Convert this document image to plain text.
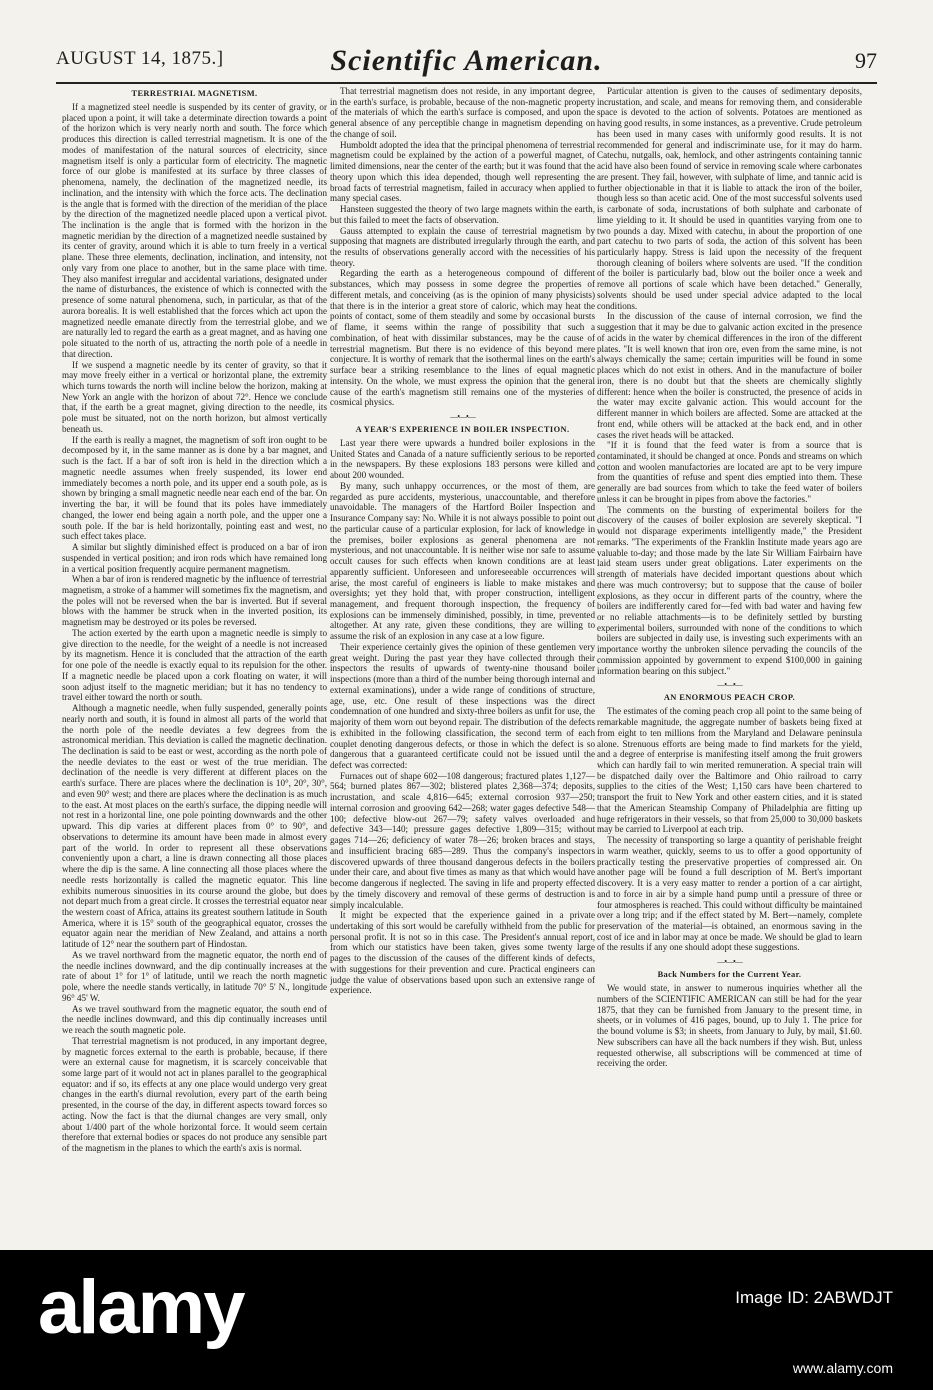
AUGUST 14, 1875.]	Scientific American.	97
TERRESTRIAL MAGNETISM.

If a magnetized steel needle is suspended by its center of gravity, or placed upon a point, it will take a determinate direction towards a point of the horizon which is very nearly north and south. The force which produces this direction is called terrestrial magnetism. It is one of the modes of manifestation of the natural sources of electricity, since magnetism itself is only a particular form of electricity. The magnetic force of our globe is manifested at its surface by three classes of phenomena, namely, the declination of the magnetized needle, its inclination, and the intensity with which the force acts. The declination is the angle that is formed with the direction of the meridian of the place by the direction of the magnetized needle placed upon a vertical pivot. The inclination is the angle that is formed with the horizon in the magnetic meridian by the direction of a magnetized needle sustained by its center of gravity, around which it is able to turn freely in a vertical plane. These three elements, declination, inclination, and intensity, not only vary from one place to another, but in the same place with time. They also manifest irregular and accidental variations, designated under the name of disturbances, the existence of which is connected with the presence of some natural phenomena, such, in particular, as that of the aurora borealis. It is well established that the forces which act upon the magnetized needle emanate directly from the terrestrial globe, and we are naturally led to regard the earth as a great magnet, and as having one pole situated to the north of us, attracting the north pole of a needle in that direction.

If we suspend a magnetic needle by its center of gravity, so that it may move freely either in a vertical or horizontal plane, the extremity which turns towards the north will incline below the horizon, making at New York an angle with the horizon of about 72°. Hence we conclude that, if the earth be a great magnet, giving direction to the needle, its pole must be situated, not on the north horizon, but almost vertically beneath us.

If the earth is really a magnet, the magnetism of soft iron ought to be decomposed by it, in the same manner as is done by a bar magnet, and such is the fact. If a bar of soft iron is held in the direction which a magnetic needle assumes when freely suspended, its lower end immediately becomes a north pole, and its upper end a south pole, as is shown by bringing a small magnetic needle near each end of the bar. On inverting the bar, it will be found that its poles have immediately changed, the lower end being again a north pole, and the upper one a south pole. If the bar is held horizontally, pointing east and west, no such effect takes place.

A similar but slightly diminished effect is produced on a bar of iron suspended in vertical position; and iron rods which have remained long in a vertical position frequently acquire permanent magnetism.

When a bar of iron is rendered magnetic by the influence of terrestrial magnetism, a stroke of a hammer will sometimes fix the magnetism, and the poles will not be reversed when the bar is inverted. But if several blows with the hammer be struck when in the inverted position, its magnetism may be destroyed or its poles be reversed.

The action exerted by the earth upon a magnetic needle is simply to give direction to the needle, for the weight of a needle is not increased by its magnetism. Hence it is concluded that the attraction of the earth for one pole of the needle is exactly equal to its repulsion for the other. If a magnetic needle be placed upon a cork floating on water, it will soon adjust itself to the magnetic meridian; but it has no tendency to travel either toward the north or south.

Although a magnetic needle, when fully suspended, generally points nearly north and south, it is found in almost all parts of the world that the north pole of the needle deviates a few degrees from the astronomical meridian. This deviation is called the magnetic declination. The declination is said to be east or west, according as the north pole of the needle deviates to the east or west of the true meridian. The declination of the needle is very different at different places on the earth's surface. There are places where the declination is 10°, 20°, 30°, and even 90° west; and there are places where the declination is as much to the east. At most places on the earth's surface, the dipping needle will not rest in a horizontal line, one pole pointing downwards and the other upward. This dip varies at different places from 0° to 90°, and observations to determine its amount have been made in almost every part of the world. In order to represent all these observations conveniently upon a chart, a line is drawn connecting all those places where the dip is the same. A line connecting all those places where the needle rests horizontally is called the magnetic equator. This line exhibits numerous sinuosities in its course around the globe, but does not depart much from a great circle. It crosses the terrestrial equator near the western coast of Africa, attains its greatest southern latitude in South America, where it is 15° south of the geographical equator, crosses the equator again near the meridian of New Zealand, and attains a north latitude of 12° near the southern part of Hindostan.

As we travel northward from the magnetic equator, the north end of the needle inclines downward, and the dip continually increases at the rate of about 1° for 1° of latitude, until we reach the north magnetic pole, where the needle stands vertically, in latitude 70° 5' N., longitude 96° 45' W.

As we travel southward from the magnetic equator, the south end of the needle inclines downward, and this dip continually increases until we reach the south magnetic pole.

That terrestrial magnetism is not produced, in any important degree, by magnetic forces external to the earth is probable, because, if there were an external cause for magnetism, it is scarcely conceivable that some large part of it would not act in planes parallel to the geographical equator: and if so, its effects at any one place would undergo very great changes in the earth's diurnal revolution, every part of the earth being presented, in the course of the day, in different aspects toward forces so acting. Now the fact is that the diurnal changes are very small, only about 1/400 part of the whole horizontal force. It would seem certain therefore that external bodies or spaces do not produce any sensible part of the magnetism in the planes to which the earth's axis is normal.

That terrestrial magnetism does not reside, in any important degree, in the earth's surface, is probable, because of the non-magnetic property of the materials of which the earth's surface is composed, and upon the general absence of any perceptible change in magnetism depending on the change of soil.

Humboldt adopted the idea that the principal phenomena of terrestrial magnetism could be explained by the action of a powerful magnet, of limited dimensions, near the center of the earth; but it was found that the theory upon which this idea depended, though well representing the broad facts of terrestrial magnetism, failed in accuracy when applied to many special cases.

Hansteen suggested the theory of two large magnets within the earth, but this failed to meet the facts of observation.

Gauss attempted to explain the cause of terrestrial magnetism by supposing that magnets are distributed irregularly through the earth, and the results of observations generally accord with the necessities of his theory.

Regarding the earth as a heterogeneous compound of different substances, which may possess in some degree the properties of different metals, and conceiving (as is the opinion of many physicists) that there is in the interior a great store of caloric, which may heat the points of contact, some of them steadily and some by occasional bursts of flame, it seems within the range of possibility that such a combination, of heat with dissimilar substances, may be the cause of terrestrial magnetism. But there is no evidence of this beyond mere conjecture. It is worthy of remark that the isothermal lines on the earth's surface bear a striking resemblance to the lines of equal magnetic intensity. On the whole, we must express the opinion that the general cause of the earth's magnetism still remains one of the mysteries of cosmical physics.

—•—•—
A YEAR'S EXPERIENCE IN BOILER INSPECTION.

Last year there were upwards a hundred boiler explosions in the United States and Canada of a nature sufficiently serious to be reported in the newspapers. By these explosions 183 persons were killed and about 200 wounded.

By many, such unhappy occurrences, or the most of them, are regarded as pure accidents, mysterious, unaccountable, and therefore unavoidable. The managers of the Hartford Boiler Inspection and Insurance Company say: No. While it is not always possible to point out the particular cause of a particular explosion, for lack of knowledge in the premises, boiler explosions as general phenomena are not mysterious, and not unaccountable. It is neither wise nor safe to assume occult causes for such effects when known conditions are at least apparently sufficient. Unforeseen and unforeseeable occurrences will arise, the most careful of engineers is liable to make mistakes and oversights; yet they hold that, with proper construction, intelligent management, and frequent thorough inspection, the frequency of explosions can be immensely diminished, possibly, in time, prevented altogether. At any rate, given these conditions, they are willing to assume the risk of an explosion in any case at a low figure.

Their experience certainly gives the opinion of these gentlemen very great weight. During the past year they have collected through their inspectors the results of upwards of twenty-nine thousand boiler inspections (more than a third of the number being thorough internal and external examinations), under a wide range of conditions of structure, age, use, etc. One result of these inspections was the direct condemnation of one hundred and sixty-three boilers as unfit for use, the majority of them worn out beyond repair. The distribution of the defects is exhibited in the following classification, the second term of each couplet denoting dangerous defects, or those in which the defect is so dangerous that a guaranteed certificate could not be issued until the defect was corrected:

Furnaces out of shape 602—108 dangerous; fractured plates 1,127—564; burned plates 867—302; blistered plates 2,368—374; deposits, incrustation, and scale 4,816—645; external corrosion 937—250; internal corrosion and grooving 642—268; water gages defective 548—100; defective blow-out 267—79; safety valves overloaded and defective 343—140; pressure gages defective 1,809—315; without gages 714—26; deficiency of water 78—26; broken braces and stays, and insufficient bracing 685—289. Thus the company's inspectors discovered upwards of three thousand dangerous defects in the boilers under their care, and about five times as many as that which would have become dangerous if neglected. The saving in life and property effected by the timely discovery and removal of these germs of destruction is simply incalculable.

It might be expected that the experience gained in a private undertaking of this sort would be carefully withheld from the public for personal profit. It is not so in this case. The President's annual report, from which our statistics have been taken, gives some twenty large pages to the discussion of the causes of the different kinds of defects, with suggestions for their prevention and cure. Practical engineers can judge the value of observations based upon such an extensive range of experience.

Particular attention is given to the causes of sedimentary deposits, incrustation, and scale, and means for removing them, and considerable space is devoted to the action of solvents. Potatoes are mentioned as having good results, in some instances, as a preventive. Crude petroleum has been used in many cases with uniformly good results. It is not recommended for general and indiscriminate use, for it may do harm. Catechu, nutgalls, oak, hemlock, and other astringents containing tannic acid have also been found of service in removing scale where carbonates are present. They fail, however, with sulphate of lime, and tannic acid is further objectionable in that it is liable to attack the iron of the boiler, though less so than acetic acid. One of the most successful solvents used is carbonate of soda, incrustations of both sulphate and carbonate of lime yielding to it. It should be used in quantities varying from one to two pounds a day. Mixed with catechu, in about the proportion of one part catechu to two parts of soda, the action of this solvent has been particularly happy. Stress is laid upon the necessity of the frequent thorough cleaning of boilers where solvents are used. "If the condition of the boiler is particularly bad, blow out the boiler once a week and remove all portions of scale which have been detached." Generally, solvents should be used under special advice adapted to the local conditions.

In the discussion of the cause of internal corrosion, we find the suggestion that it may be due to galvanic action excited in the presence of acids in the water by chemical differences in the iron of the different plates. "It is well known that iron ore, even from the same mine, is not always chemically the same; certain impurities will be found in some places which do not exist in others. And in the manufacture of boiler iron, there is no doubt but that the sheets are chemically slightly different: hence when the boiler is constructed, the presence of acids in the water may excite galvanic action. This would account for the different manner in which boilers are affected. Some are attacked at the front end, while others will be attacked at the back end, and in other cases the rivet heads will be attacked.

"If it is found that the feed water is from a source that is contaminated, it should be changed at once. Ponds and streams on which cotton and woolen manufactories are located are apt to be very impure from the quantities of refuse and spent dies emptied into them. These generally are bad sources from which to take the feed water of boilers unless it can be brought in pipes from above the factories."

The comments on the bursting of experimental boilers for the discovery of the causes of boiler explosion are severely skeptical. "I would not disparage experiments intelligently made," the President remarks. "The experiments of the Franklin Institute made years ago are valuable to-day; and those made by the late Sir William Fairbairn have laid steam users under great obligations. Later experiments on the strength of materials have decided important questions about which there was much controversy; but to suppose that the cause of boiler explosions, as they occur in different parts of the country, where the boilers are indifferently cared for—fed with bad water and having few or no reliable attachments—is to be definitely settled by bursting experimental boilers, surrounded with none of the conditions to which boilers are subjected in daily use, is investing such experiments with an importance worthy the unbroken silence pervading the councils of the commission appointed by government to expend $100,000 in gaining information bearing on this subject."

—•—•—
AN ENORMOUS PEACH CROP.

The estimates of the coming peach crop all point to the same being of remarkable magnitude, the aggregate number of baskets being fixed at from eight to ten millions from the Maryland and Delaware peninsula alone. Strenuous efforts are being made to find markets for the yield, and a degree of enterprise is manifesting itself among the fruit growers which can hardly fail to win merited remuneration. A special train will be dispatched daily over the Baltimore and Ohio railroad to carry supplies to the cities of the West; 1,150 cars have been chartered to transport the fruit to New York and other eastern cities, and it is stated that the American Steamship Company of Philadelphia are fitting up huge refrigerators in their vessels, so that from 25,000 to 30,000 baskets may be carried to Liverpool at each trip.

The necessity of transporting so large a quantity of perishable freight in warm weather, quickly, seems to us to offer a good opportunity of practically testing the preservative properties of compressed air. On another page will be found a full description of M. Bert's important discovery. It is a very easy matter to render a portion of a car airtight, and to force in air by a simple hand pump until a pressure of three or four atmospheres is reached. This could without difficulty be maintained over a long trip; and if the effect stated by M. Bert—namely, complete preservation of the material—is obtained, an enormous saving in the cost of ice and in labor may at once be made. We should be glad to learn of the results if any one should adopt these suggestions.

—•—•—
Back Numbers for the Current Year.

We would state, in answer to numerous inquiries whether all the numbers of the SCIENTIFIC AMERICAN can still be had for the year 1875, that they can be furnished from January to the present time, in sheets, or in volumes of 416 pages, bound, up to July 1. The price for the bound volume is $3; in sheets, from January to July, by mail, $1.60. New subscribers can have all the back numbers if they wish. But, unless requested otherwise, all subscriptions will be commenced at time of receiving the order.

alamy	Image ID: 2ABWDJT
www.alamy.com
